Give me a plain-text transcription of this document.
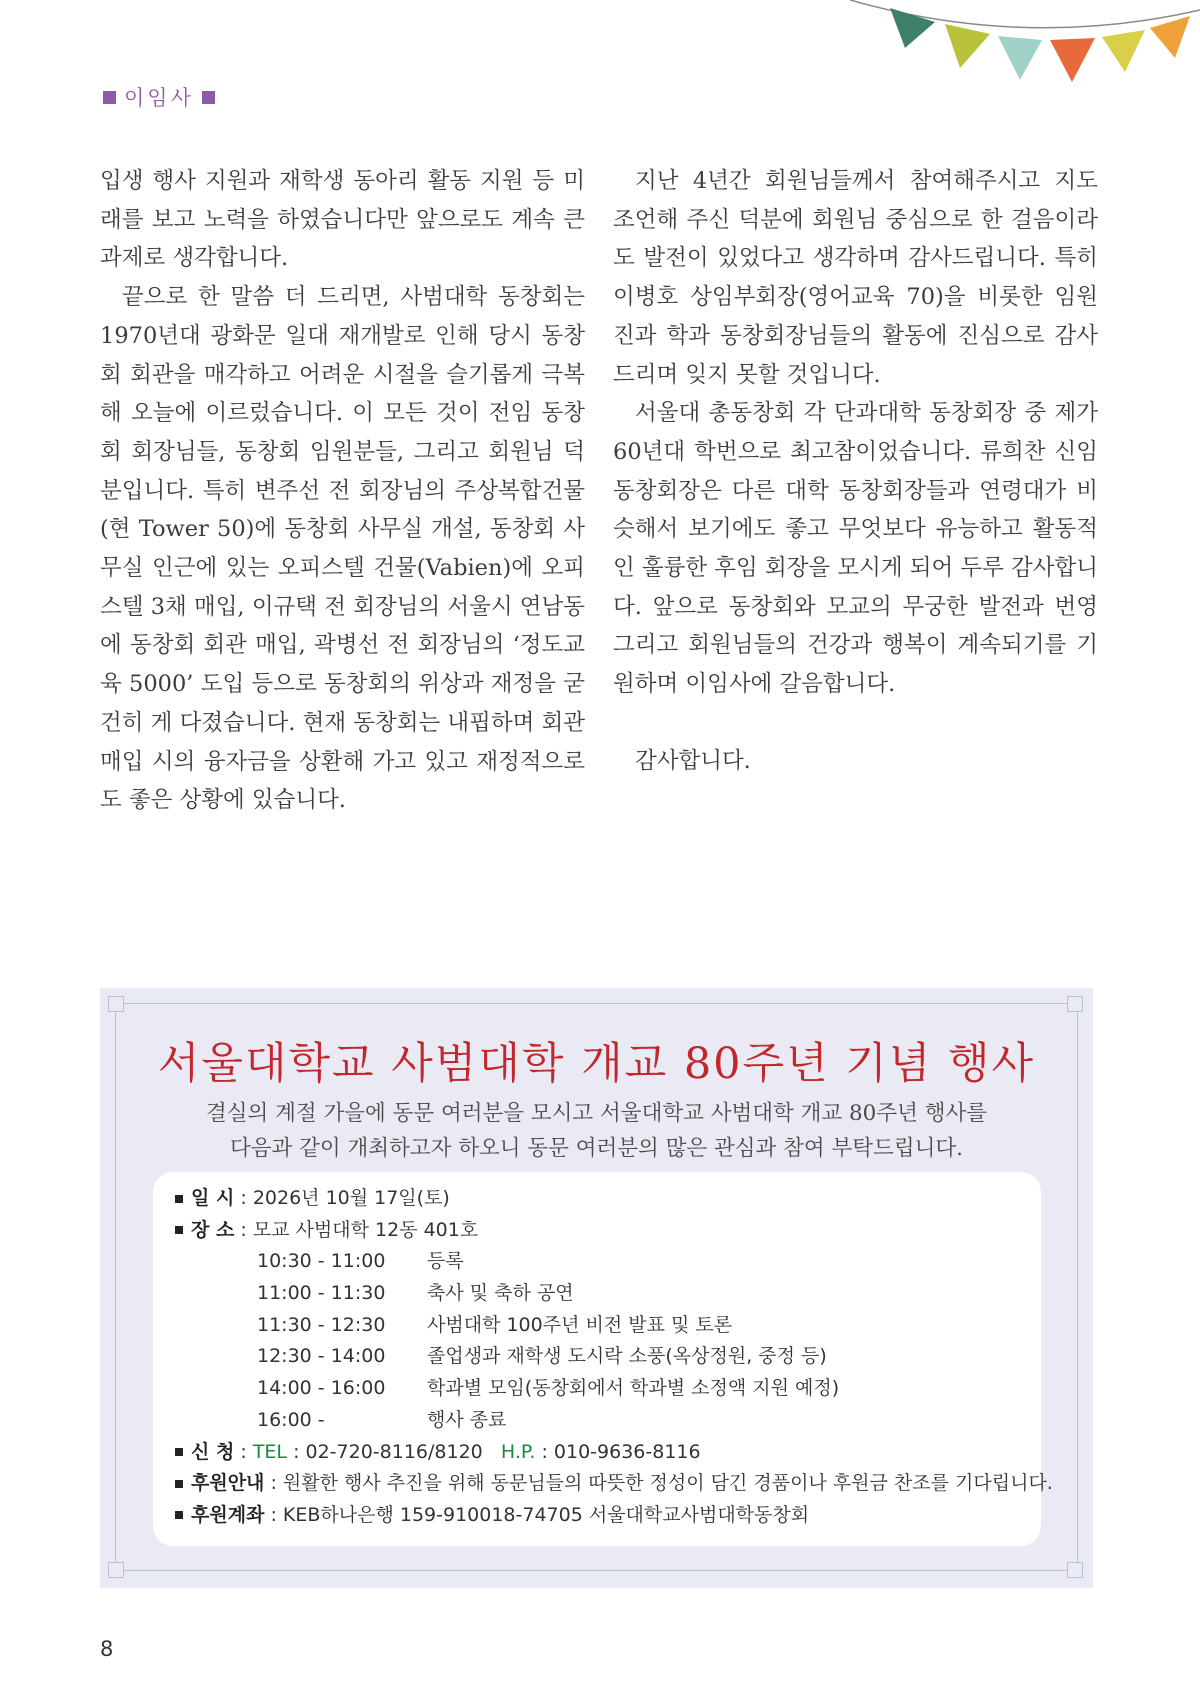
이임사

입생 행사 지원과 재학생 동아리 활동 지원 등 미래를 보고 노력을 하였습니다만 앞으로도 계속 큰 과제로 생각합니다.

끝으로 한 말씀 더 드리면, 사범대학 동창회는 1970년대 광화문 일대 재개발로 인해 당시 동창회 회관을 매각하고 어려운 시절을 슬기롭게 극복해 오늘에 이르렀습니다. 이 모든 것이 전임 동창회 회장님들, 동창회 임원분들, 그리고 회원님 덕분입니다. 특히 변주선 전 회장님의 주상복합건물(현 Tower 50)에 동창회 사무실 개설, 동창회 사무실 인근에 있는 오피스텔 건물(Vabien)에 오피스텔 3채 매입, 이규택 전 회장님의 서울시 연남동에 동창회 회관 매입, 곽병선 전 회장님의 ‘정도교육 5000’ 도입 등으로 동창회의 위상과 재정을 굳건히 게 다졌습니다. 현재 동창회는 내핍하며 회관 매입 시의 융자금을 상환해 가고 있고 재정적으로도 좋은 상황에 있습니다.

지난 4년간 회원님들께서 참여해주시고 지도 조언해 주신 덕분에 회원님 중심으로 한 걸음이라도 발전이 있었다고 생각하며 감사드립니다. 특히 이병호 상임부회장(영어교육 70)을 비롯한 임원진과 학과 동창회장님들의 활동에 진심으로 감사드리며 잊지 못할 것입니다.

서울대 총동창회 각 단과대학 동창회장 중 제가 60년대 학번으로 최고참이었습니다. 류희찬 신임 동창회장은 다른 대학 동창회장들과 연령대가 비슷해서 보기에도 좋고 무엇보다 유능하고 활동적인 훌륭한 후임 회장을 모시게 되어 두루 감사합니다. 앞으로 동창회와 모교의 무궁한 발전과 번영 그리고 회원님들의 건강과 행복이 계속되기를 기원하며 이임사에 갈음합니다.

감사합니다.

서울대학교 사범대학 개교 80주년 기념 행사
결실의 계절 가을에 동문 여러분을 모시고 서울대학교 사범대학 개교 80주년 행사를
다음과 같이 개최하고자 하오니 동문 여러분의 많은 관심과 참여 부탁드립니다.
일 시 : 2026년 10월 17일(토)
장 소 : 모교 사범대학 12동 401호
10:30 - 11:00 등록
11:00 - 11:30 축사 및 축하 공연
11:30 - 12:30 사범대학 100주년 비전 발표 및 토론
12:30 - 14:00 졸업생과 재학생 도시락 소풍(옥상정원, 중정 등)
14:00 - 16:00 학과별 모임(동창회에서 학과별 소정액 지원 예정)
16:00 -	행사 종료
신 청 : TEL : 02-720-8116/8120 H.P. : 010-9636-8116
후원안내 : 원활한 행사 추진을 위해 동문님들의 따뜻한 정성이 담긴 경품이나 후원금 찬조를 기다립니다.
후원계좌 : KEB하나은행 159-910018-74705 서울대학교사범대학동창회
8
